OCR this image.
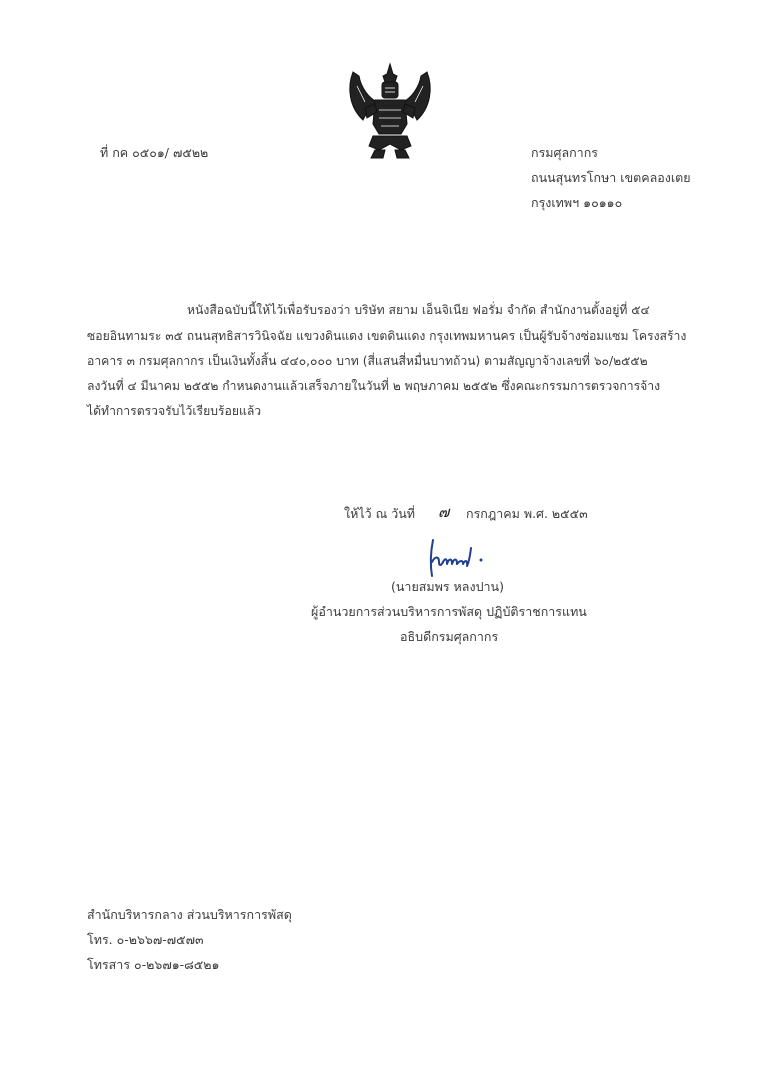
ที่ กค ๐๕๐๑/ ๗๕๒๒	กรมศุลกากร
ถนนสุนทรโกษา เขตคลองเตย
กรุงเทพฯ ๑๐๑๑๐
หนังสือฉบับนี้ให้ไว้เพื่อรับรองว่า บริษัท สยาม เอ็นจิเนีย ฟอรั่ม จำกัด สำนักงานตั้งอยู่ที่ ๕๔
ซอยอินทามระ ๓๕ ถนนสุทธิสารวินิจฉัย แขวงดินแดง เขตดินแดง กรุงเทพมหานคร เป็นผู้รับจ้างซ่อมแซม โครงสร้าง
อาคาร ๓ กรมศุลกากร เป็นเงินทั้งสิ้น ๔๔๐,๐๐๐ บาท (สี่แสนสี่หมื่นบาทถ้วน) ตามสัญญาจ้างเลขที่ ๖๐/๒๕๕๒
ลงวันที่ ๔ มีนาคม ๒๕๕๒ กำหนดงานแล้วเสร็จภายในวันที่ ๒ พฤษภาคม ๒๕๕๒ ซึ่งคณะกรรมการตรวจการจ้าง
ได้ทำการตรวจรับไว้เรียบร้อยแล้ว
ให้ไว้ ณ วันที่ ๗ กรกฎาคม พ.ศ. ๒๕๕๓
(นายสมพร หลงปาน)
ผู้อำนวยการส่วนบริหารการพัสดุ ปฏิบัติราชการแทน
อธิบดีกรมศุลกากร
สำนักบริหารกลาง ส่วนบริหารการพัสดุ
โทร. ๐-๒๖๖๗-๗๕๗๓
โทรสาร ๐-๒๖๗๑-๘๕๒๑
